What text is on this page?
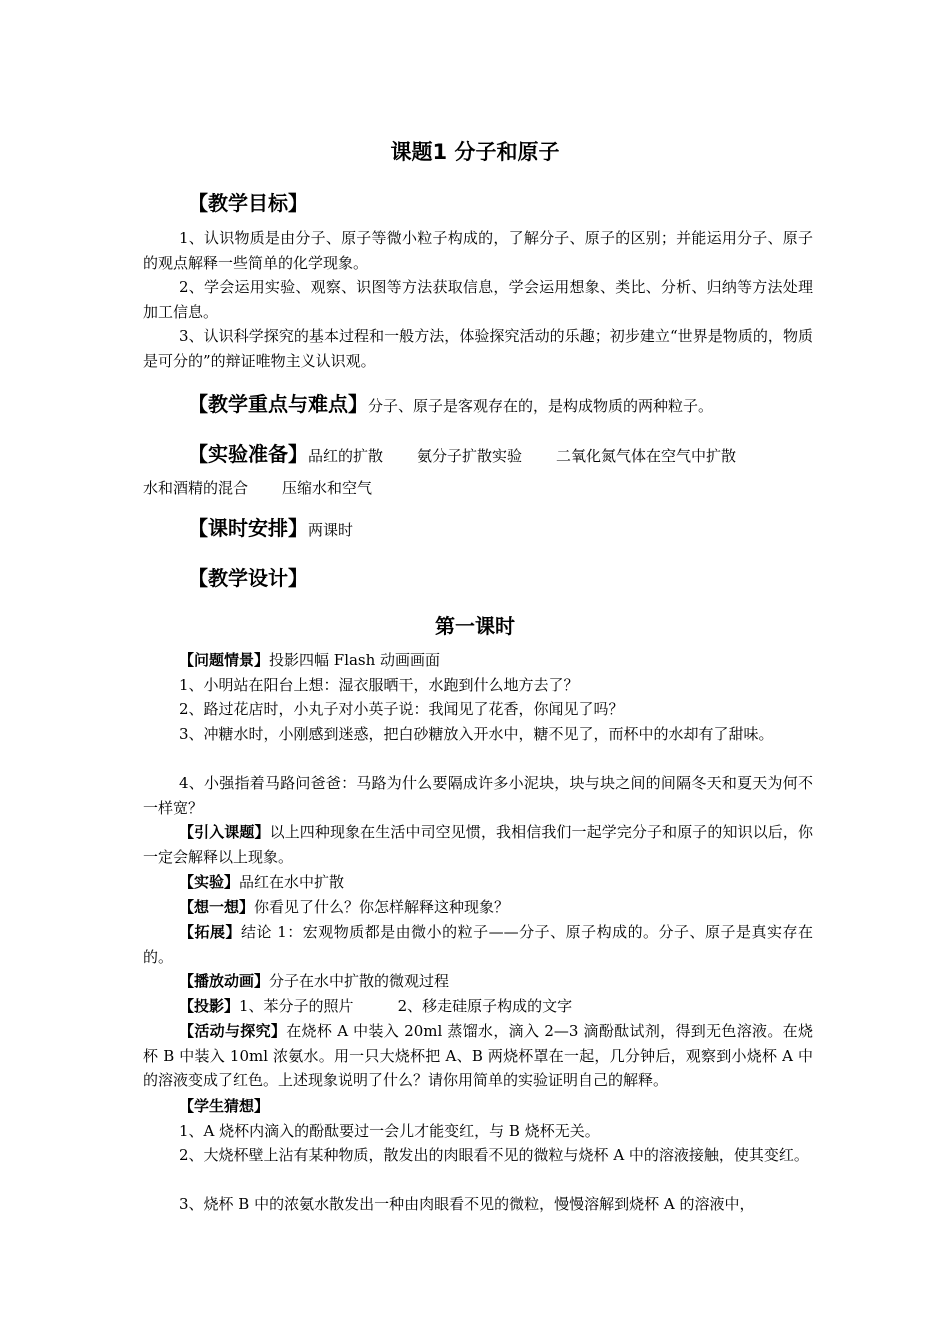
课题1 分子和原子
【教学目标】

1、认识物质是由分子、原子等微小粒子构成的，了解分子、原子的区别；并能运用分子、原子的观点解释一些简单的化学现象。

2、学会运用实验、观察、识图等方法获取信息，学会运用想象、类比、分析、归纳等方法处理加工信息。

3、认识科学探究的基本过程和一般方法，体验探究活动的乐趣；初步建立“世界是物质的，物质是可分的”的辩证唯物主义认识观。

【教学重点与难点】分子、原子是客观存在的，是构成物质的两种粒子。
【实验准备】品红的扩散 氨分子扩散实验 二氧化氮气体在空气中扩散
水和酒精的混合 压缩水和空气
【课时安排】两课时
【教学设计】
第一课时

【问题情景】投影四幅 Flash 动画画面

1、小明站在阳台上想：湿衣服晒干，水跑到什么地方去了？

2、路过花店时，小丸子对小英子说：我闻见了花香，你闻见了吗？

3、冲糖水时，小刚感到迷惑，把白砂糖放入开水中，糖不见了，而杯中的水却有了甜味。

4、小强指着马路问爸爸：马路为什么要隔成许多小泥块，块与块之间的间隔冬天和夏天为何不一样宽？

【引入课题】以上四种现象在生活中司空见惯，我相信我们一起学完分子和原子的知识以后，你一定会解释以上现象。

【实验】品红在水中扩散

【想一想】你看见了什么？你怎样解释这种现象？

【拓展】结论 1：宏观物质都是由微小的粒子——分子、原子构成的。分子、原子是真实存在的。

【播放动画】分子在水中扩散的微观过程

【投影】1、苯分子的照片	2、移走硅原子构成的文字

【活动与探究】在烧杯 A 中装入 20ml 蒸馏水，滴入 2—3 滴酚酞试剂，得到无色溶液。在烧杯 B 中装入 10ml 浓氨水。用一只大烧杯把 A、B 两烧杯罩在一起，几分钟后，观察到小烧杯 A 中的溶液变成了红色。上述现象说明了什么？请你用简单的实验证明自己的解释。

【学生猜想】

1、A 烧杯内滴入的酚酞要过一会儿才能变红，与 B 烧杯无关。

2、大烧杯壁上沾有某种物质，散发出的肉眼看不见的微粒与烧杯 A 中的溶液接触，使其变红。

3、烧杯 B 中的浓氨水散发出一种由肉眼看不见的微粒，慢慢溶解到烧杯 A 的溶液中，
